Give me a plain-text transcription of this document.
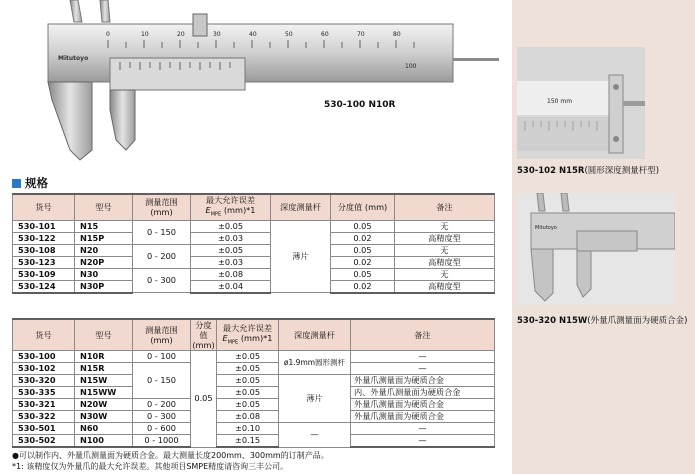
Mitutoyo
0	10	20	30	40	50	60	70	80
100
530-100 N10R
规格
货号	型号	测量范围
(mm)	最大允许误差
$E_{MPE}$ (mm)*1	深度测量杆	分度值 (mm)	备注
530-101	N15	0 - 150	±0.05	薄片	0.05	无
530-122	N15P		±0.03		0.02	高精度型
530-108	N20	0 - 200	±0.05		0.05	无
530-123	N20P		±0.03		0.02	高精度型
530-109	N30	0 - 300	±0.08		0.05	无
530-124	N30P		±0.04		0.02	高精度型
货号	型号	测量范围
(mm)	分度值
(mm)	最大允许误差
$E_{MPE}$ (mm)*1	深度测量杆	备注
530-100	N10R	0 - 100	0.05	±0.05	ø1.9mm圆形测杆	—
530-102	N15R	0 - 150		±0.05		—
530-320	N15W			±0.05	薄片	外量爪测量面为硬质合金
530-335	N15WW			±0.05		内、外量爪测量面为硬质合金
530-321	N20W	0 - 200		±0.05		外量爪测量面为硬质合金
530-322	N30W	0 - 300		±0.08		外量爪测量面为硬质合金
530-501	N60	0 - 600		±0.10	—	—
530-502	N100	0 - 1000		±0.15		—
●可以制作内、外量爪测量面为硬质合金。最大测量长度200mm、300mm的订制产品。
*1: 该精度仅为外量爪的最大允许误差。其他项目SMPE精度请咨询三丰公司。
150 mm
530-102 N15R(圆形深度测量杆型)
Mitutoyo
530-320 N15W(外量爪测量面为硬质合金)
